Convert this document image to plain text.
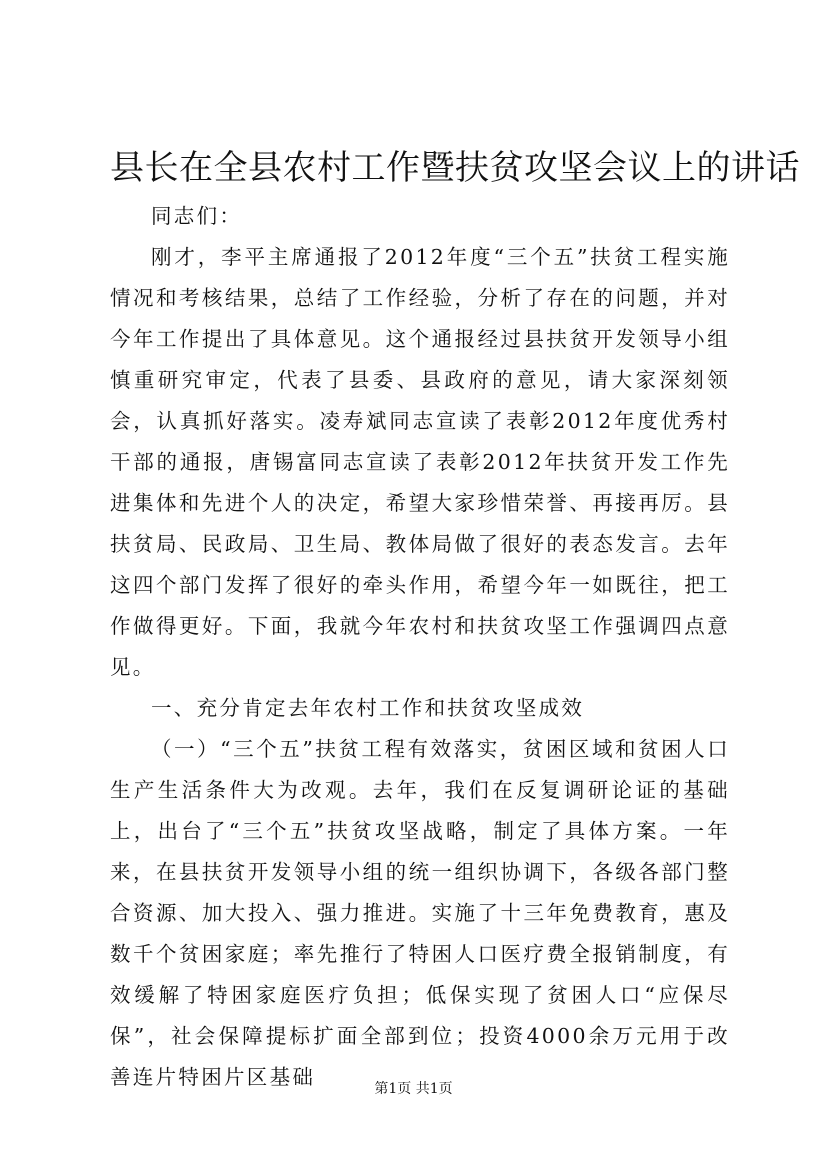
县长在全县农村工作暨扶贫攻坚会议上的讲话

同志们：

刚才，李平主席通报了2012年度“三个五”扶贫工程实施情况和考核结果，总结了工作经验，分析了存在的问题，并对今年工作提出了具体意见。这个通报经过县扶贫开发领导小组慎重研究审定，代表了县委、县政府的意见，请大家深刻领会，认真抓好落实。凌寿斌同志宣读了表彰2012年度优秀村干部的通报，唐锡富同志宣读了表彰2012年扶贫开发工作先进集体和先进个人的决定，希望大家珍惜荣誉、再接再厉。县扶贫局、民政局、卫生局、教体局做了很好的表态发言。去年这四个部门发挥了很好的牵头作用，希望今年一如既往，把工作做得更好。下面，我就今年农村和扶贫攻坚工作强调四点意见。

一、充分肯定去年农村工作和扶贫攻坚成效

（一）“三个五”扶贫工程有效落实，贫困区域和贫困人口生产生活条件大为改观。去年，我们在反复调研论证的基础上，出台了“三个五”扶贫攻坚战略，制定了具体方案。一年来，在县扶贫开发领导小组的统一组织协调下，各级各部门整合资源、加大投入、强力推进。实施了十三年免费教育，惠及数千个贫困家庭；率先推行了特困人口医疗费全报销制度，有效缓解了特困家庭医疗负担；低保实现了贫困人口“应保尽保”，社会保障提标扩面全部到位；投资4000余万元用于改善连片特困片区基础	第1页 共1页
